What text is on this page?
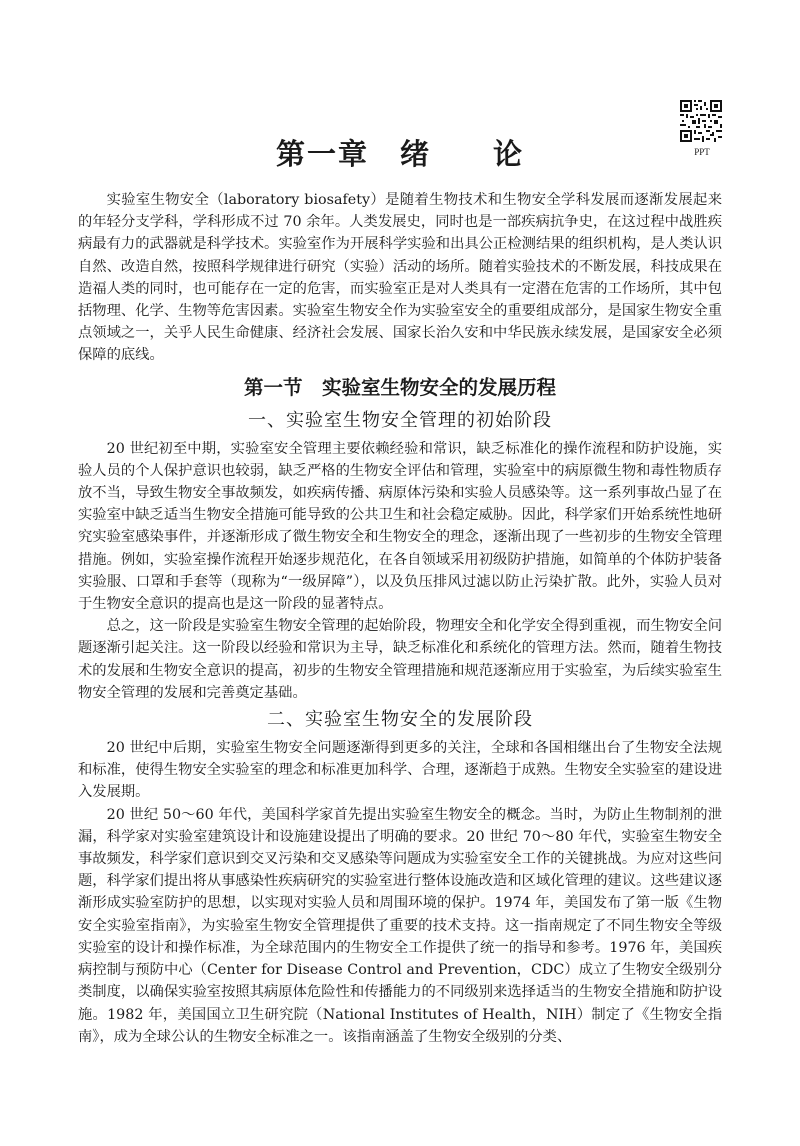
PPT
第一章　绪　　论

实验室生物安全（laboratory biosafety）是随着生物技术和生物安全学科发展而逐渐发展起来的年轻分支学科，学科形成不过 70 余年。人类发展史，同时也是一部疾病抗争史，在这过程中战胜疾病最有力的武器就是科学技术。实验室作为开展科学实验和出具公正检测结果的组织机构，是人类认识自然、改造自然，按照科学规律进行研究（实验）活动的场所。随着实验技术的不断发展，科技成果在造福人类的同时，也可能存在一定的危害，而实验室正是对人类具有一定潜在危害的工作场所，其中包括物理、化学、生物等危害因素。实验室生物安全作为实验室安全的重要组成部分，是国家生物安全重点领域之一，关乎人民生命健康、经济社会发展、国家长治久安和中华民族永续发展，是国家安全必须保障的底线。

第一节　实验室生物安全的发展历程
一、实验室生物安全管理的初始阶段

20 世纪初至中期，实验室安全管理主要依赖经验和常识，缺乏标准化的操作流程和防护设施，实验人员的个人保护意识也较弱，缺乏严格的生物安全评估和管理，实验室中的病原微生物和毒性物质存放不当，导致生物安全事故频发，如疾病传播、病原体污染和实验人员感染等。这一系列事故凸显了在实验室中缺乏适当生物安全措施可能导致的公共卫生和社会稳定威胁。因此，科学家们开始系统性地研究实验室感染事件，并逐渐形成了微生物安全和生物安全的理念，逐渐出现了一些初步的生物安全管理措施。例如，实验室操作流程开始逐步规范化，在各自领域采用初级防护措施，如简单的个体防护装备实验服、口罩和手套等（现称为“一级屏障”），以及负压排风过滤以防止污染扩散。此外，实验人员对于生物安全意识的提高也是这一阶段的显著特点。

总之，这一阶段是实验室生物安全管理的起始阶段，物理安全和化学安全得到重视，而生物安全问题逐渐引起关注。这一阶段以经验和常识为主导，缺乏标准化和系统化的管理方法。然而，随着生物技术的发展和生物安全意识的提高，初步的生物安全管理措施和规范逐渐应用于实验室，为后续实验室生物安全管理的发展和完善奠定基础。

二、实验室生物安全的发展阶段

20 世纪中后期，实验室生物安全问题逐渐得到更多的关注，全球和各国相继出台了生物安全法规和标准，使得生物安全实验室的理念和标准更加科学、合理，逐渐趋于成熟。生物安全实验室的建设进入发展期。

20 世纪 50～60 年代，美国科学家首先提出实验室生物安全的概念。当时，为防止生物制剂的泄漏，科学家对实验室建筑设计和设施建设提出了明确的要求。20 世纪 70～80 年代，实验室生物安全事故频发，科学家们意识到交叉污染和交叉感染等问题成为实验室安全工作的关键挑战。为应对这些问题，科学家们提出将从事感染性疾病研究的实验室进行整体设施改造和区域化管理的建议。这些建议逐渐形成实验室防护的思想，以实现对实验人员和周围环境的保护。1974 年，美国发布了第一版《生物安全实验室指南》，为实验室生物安全管理提供了重要的技术支持。这一指南规定了不同生物安全等级实验室的设计和操作标准，为全球范围内的生物安全工作提供了统一的指导和参考。1976 年，美国疾病控制与预防中心（Center for Disease Control and Prevention，CDC）成立了生物安全级别分类制度，以确保实验室按照其病原体危险性和传播能力的不同级别来选择适当的生物安全措施和防护设施。1982 年，美国国立卫生研究院（National Institutes of Health，NIH）制定了《生物安全指南》，成为全球公认的生物安全标准之一。该指南涵盖了生物安全级别的分类、
